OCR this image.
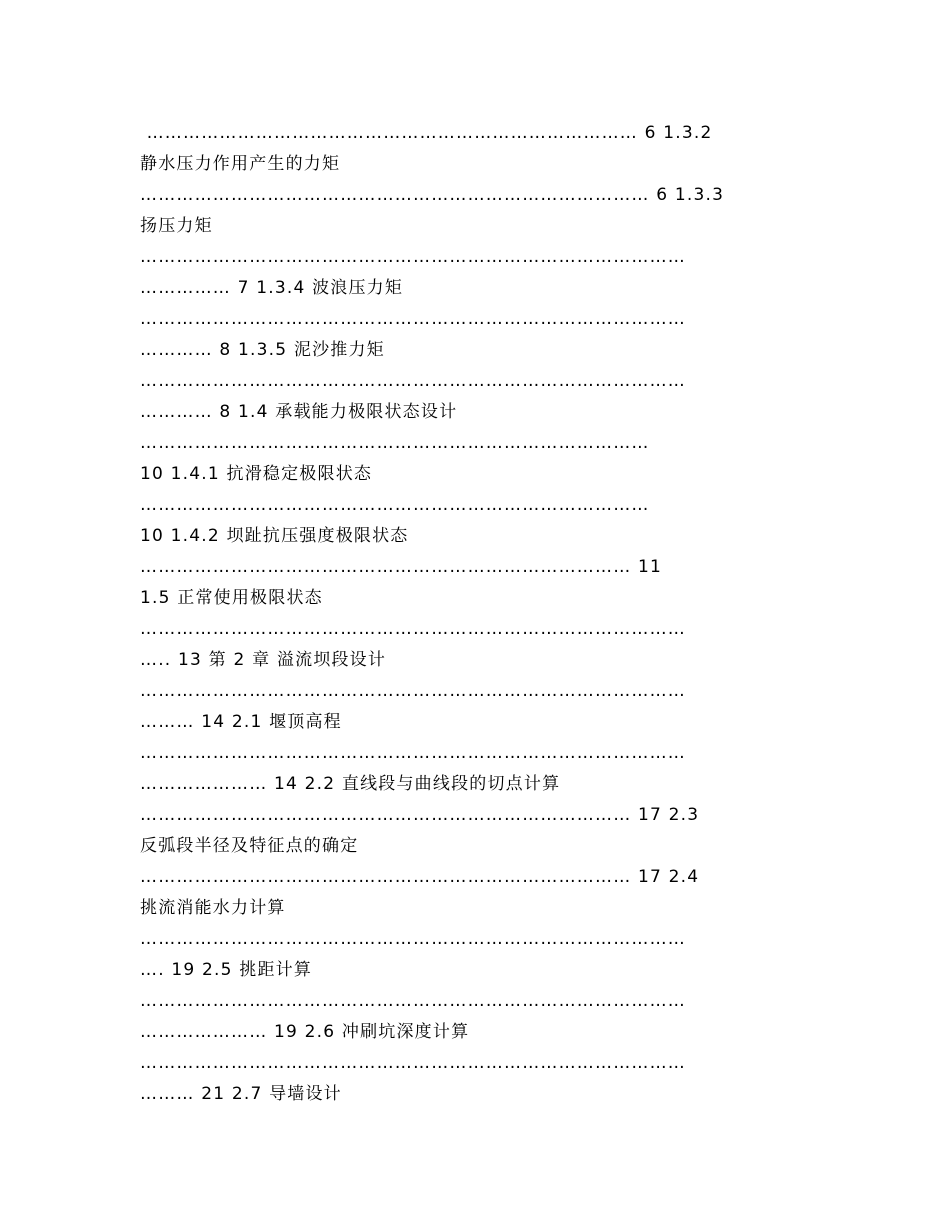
……………………………………………………………………… 6 1.3.2
静水压力作用产生的力矩
………………………………………………………………………… 6 1.3.3
扬压力矩
………………………………………………………………………………
…………… 7 1.3.4 波浪压力矩
………………………………………………………………………………
………… 8 1.3.5 泥沙推力矩
………………………………………………………………………………
………… 8 1.4 承载能力极限状态设计
…………………………………………………………………………
10 1.4.1 抗滑稳定极限状态
…………………………………………………………………………
10 1.4.2 坝趾抗压强度极限状态
……………………………………………………………………… 11
1.5 正常使用极限状态
………………………………………………………………………………
….. 13 第 2 章 溢流坝段设计
………………………………………………………………………………
……… 14 2.1 堰顶高程
………………………………………………………………………………
………………… 14 2.2 直线段与曲线段的切点计算
……………………………………………………………………… 17 2.3
反弧段半径及特征点的确定
……………………………………………………………………… 17 2.4
挑流消能水力计算
………………………………………………………………………………
…. 19 2.5 挑距计算
………………………………………………………………………………
………………… 19 2.6 冲刷坑深度计算
………………………………………………………………………………
……… 21 2.7 导墙设计
